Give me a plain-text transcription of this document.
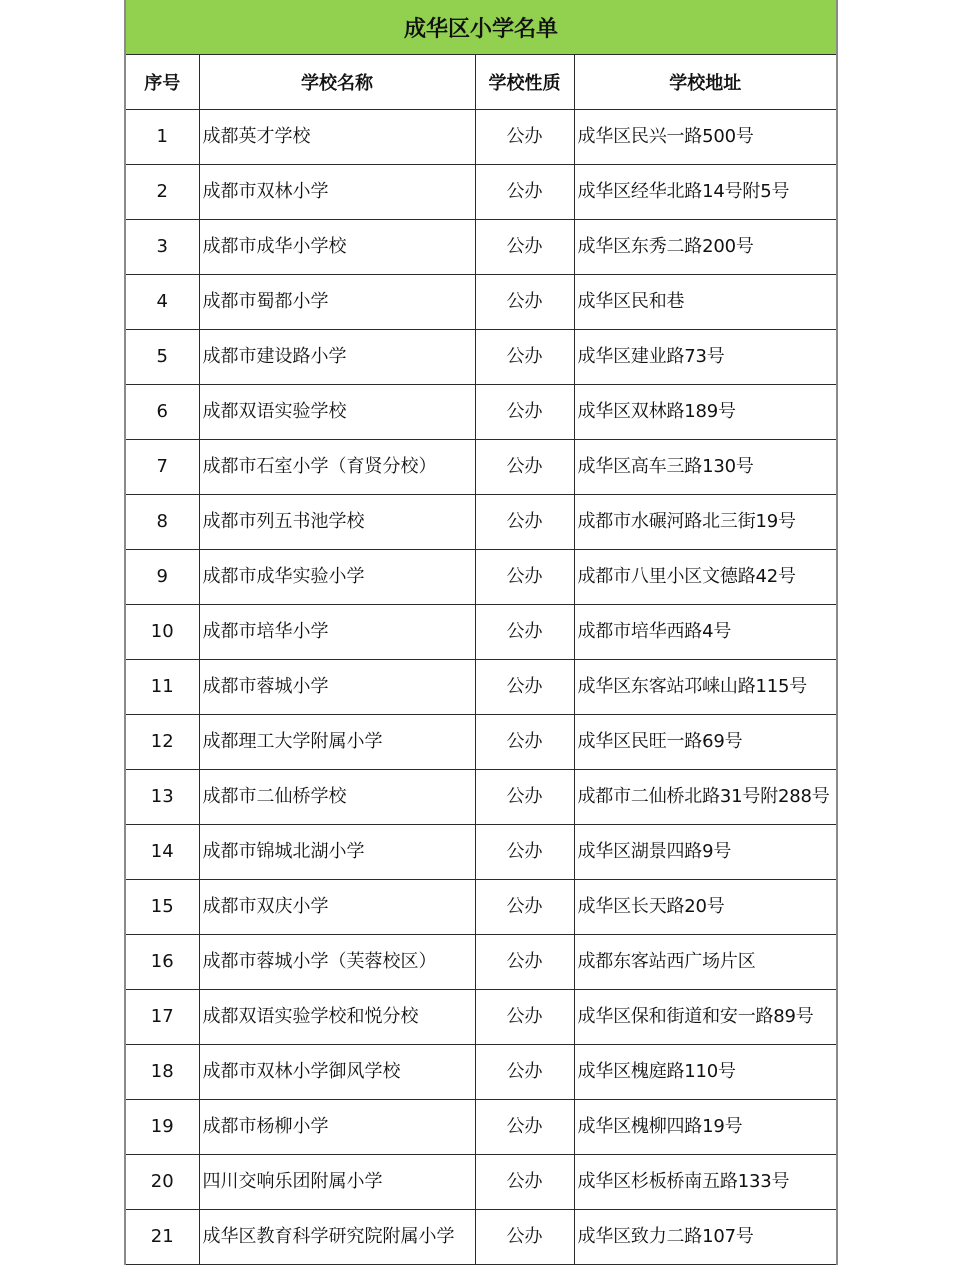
成华区小学名单			
序号	学校名称	学校性质	学校地址
1	成都英才学校	公办	成华区民兴一路500号
2	成都市双林小学	公办	成华区经华北路14号附5号
3	成都市成华小学校	公办	成华区东秀二路200号
4	成都市蜀都小学	公办	成华区民和巷
5	成都市建设路小学	公办	成华区建业路73号
6	成都双语实验学校	公办	成华区双林路189号
7	成都市石室小学（育贤分校）	公办	成华区高车三路130号
8	成都市列五书池学校	公办	成都市水碾河路北三街19号
9	成都市成华实验小学	公办	成都市八里小区文德路42号
10	成都市培华小学	公办	成都市培华西路4号
11	成都市蓉城小学	公办	成华区东客站邛崃山路115号
12	成都理工大学附属小学	公办	成华区民旺一路69号
13	成都市二仙桥学校	公办	成都市二仙桥北路31号附288号
14	成都市锦城北湖小学	公办	成华区湖景四路9号
15	成都市双庆小学	公办	成华区长天路20号
16	成都市蓉城小学（芙蓉校区）	公办	成都东客站西广场片区
17	成都双语实验学校和悦分校	公办	成华区保和街道和安一路89号
18	成都市双林小学御风学校	公办	成华区槐庭路110号
19	成都市杨柳小学	公办	成华区槐柳四路19号
20	四川交响乐团附属小学	公办	成华区杉板桥南五路133号
21	成华区教育科学研究院附属小学	公办	成华区致力二路107号
